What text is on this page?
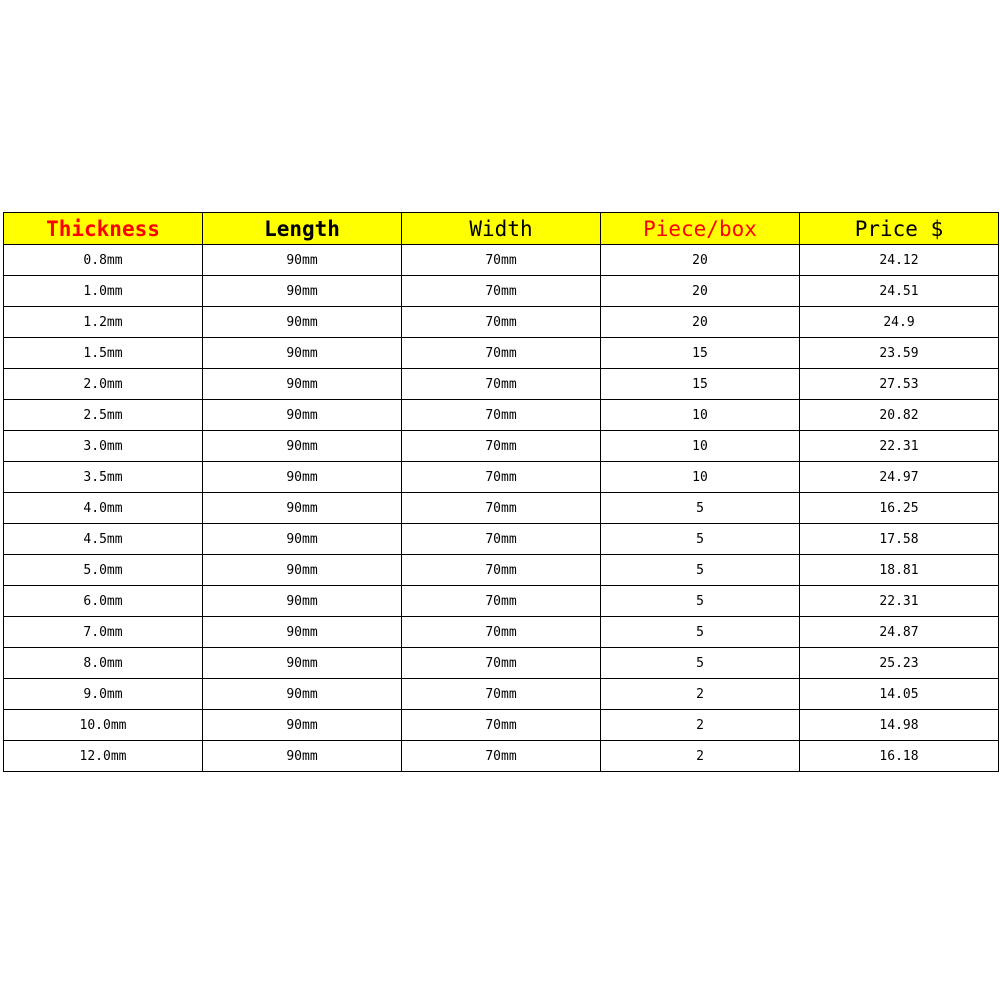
Thickness	Length	Width	Piece/box	Price $
0.8mm	90mm	70mm	20	24.12
1.0mm	90mm	70mm	20	24.51
1.2mm	90mm	70mm	20	24.9
1.5mm	90mm	70mm	15	23.59
2.0mm	90mm	70mm	15	27.53
2.5mm	90mm	70mm	10	20.82
3.0mm	90mm	70mm	10	22.31
3.5mm	90mm	70mm	10	24.97
4.0mm	90mm	70mm	5	16.25
4.5mm	90mm	70mm	5	17.58
5.0mm	90mm	70mm	5	18.81
6.0mm	90mm	70mm	5	22.31
7.0mm	90mm	70mm	5	24.87
8.0mm	90mm	70mm	5	25.23
9.0mm	90mm	70mm	2	14.05
10.0mm	90mm	70mm	2	14.98
12.0mm	90mm	70mm	2	16.18
